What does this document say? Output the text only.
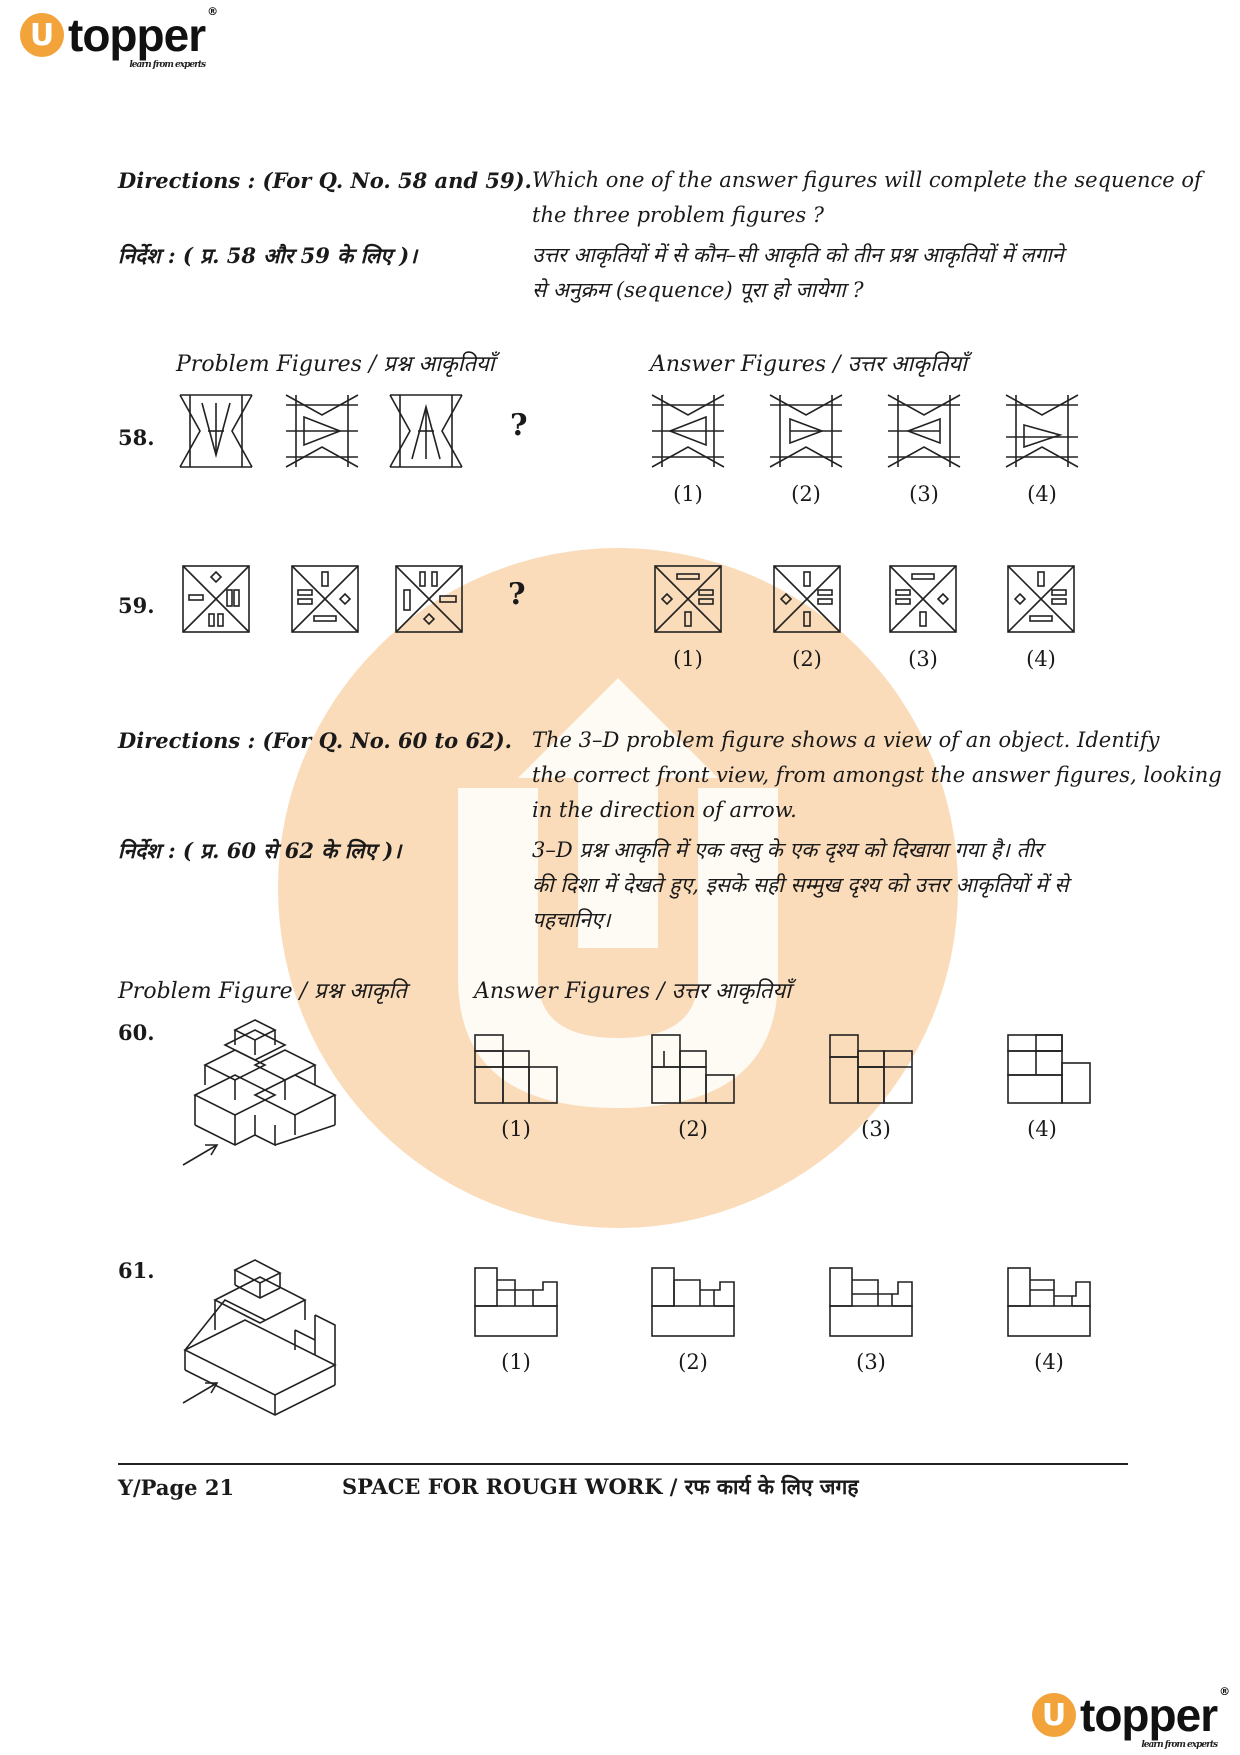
U topper ®
learn from experts
Directions : (For Q. No. 58 and 59).
निर्देश : ( प्र. 58 और 59 के लिए )।
Which one of the answer figures will complete the sequence of
the three problem figures ?
उत्तर आकृतियों में से कौन–सी आकृति को तीन प्रश्न आकृतियों में लगाने
से अनुक्रम (sequence) पूरा हो जायेगा ?
Problem Figures / प्रश्न आकृतियाँ	Answer Figures / उत्तर आकृतियाँ
58.	?
(1)	(2)	(3)	(4)
59.	?
(1)	(2)	(3)	(4)
Directions : (For Q. No. 60 to 62).
निर्देश : ( प्र. 60 से 62 के लिए )।
The 3–D problem figure shows a view of an object. Identify
the correct front view, from amongst the answer figures, looking
in the direction of arrow.
3–D प्रश्न आकृति में एक वस्तु के एक दृश्य को दिखाया गया है। तीर
की दिशा में देखते हुए, इसके सही सम्मुख दृश्य को उत्तर आकृतियों में से
पहचानिए।
Problem Figure / प्रश्न आकृति	Answer Figures / उत्तर आकृतियाँ
60.
(1)	(2)	(3)	(4)
61.
(1)	(2)	(3)	(4)
Y/Page 21	SPACE FOR ROUGH WORK / रफ कार्य के लिए जगह
U topper ®
learn from experts
